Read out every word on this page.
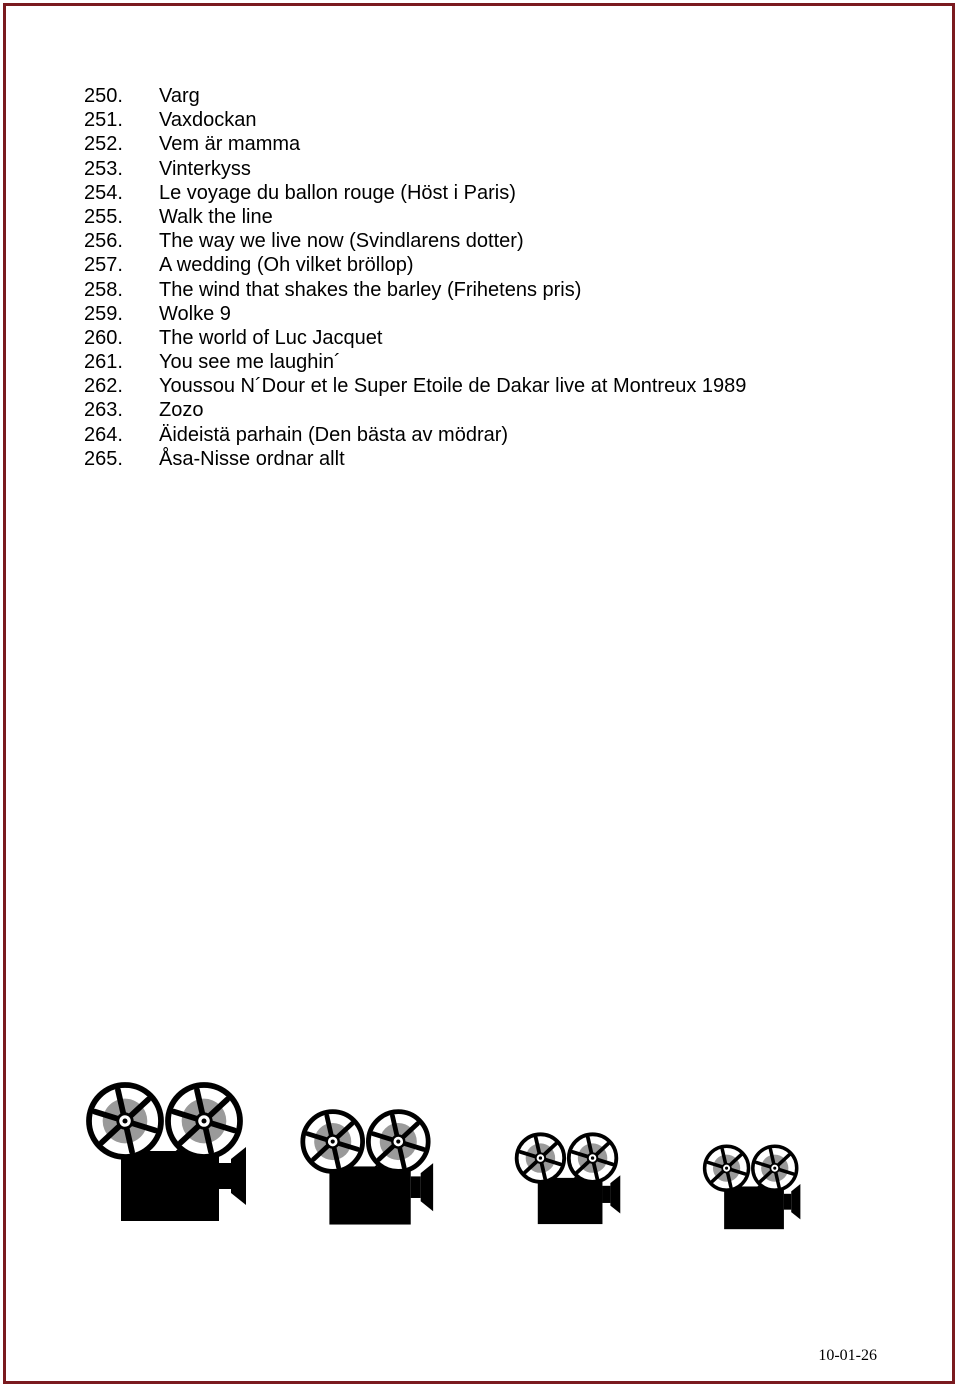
250.	Varg
251.	Vaxdockan
252.	Vem är mamma
253.	Vinterkyss
254.	Le voyage du ballon rouge (Höst i Paris)
255.	Walk the line
256.	The way we live now (Svindlarens dotter)
257.	A wedding (Oh vilket bröllop)
258.	The wind that shakes the barley (Frihetens pris)
259.	Wolke 9
260.	The world of Luc Jacquet
261.	You see me laughin´
262.	Youssou N´Dour et le Super Etoile de Dakar live at Montreux 1989
263.	Zozo
264.	Äideistä parhain (Den bästa av mödrar)
265.	Åsa-Nisse ordnar allt
10-01-26
